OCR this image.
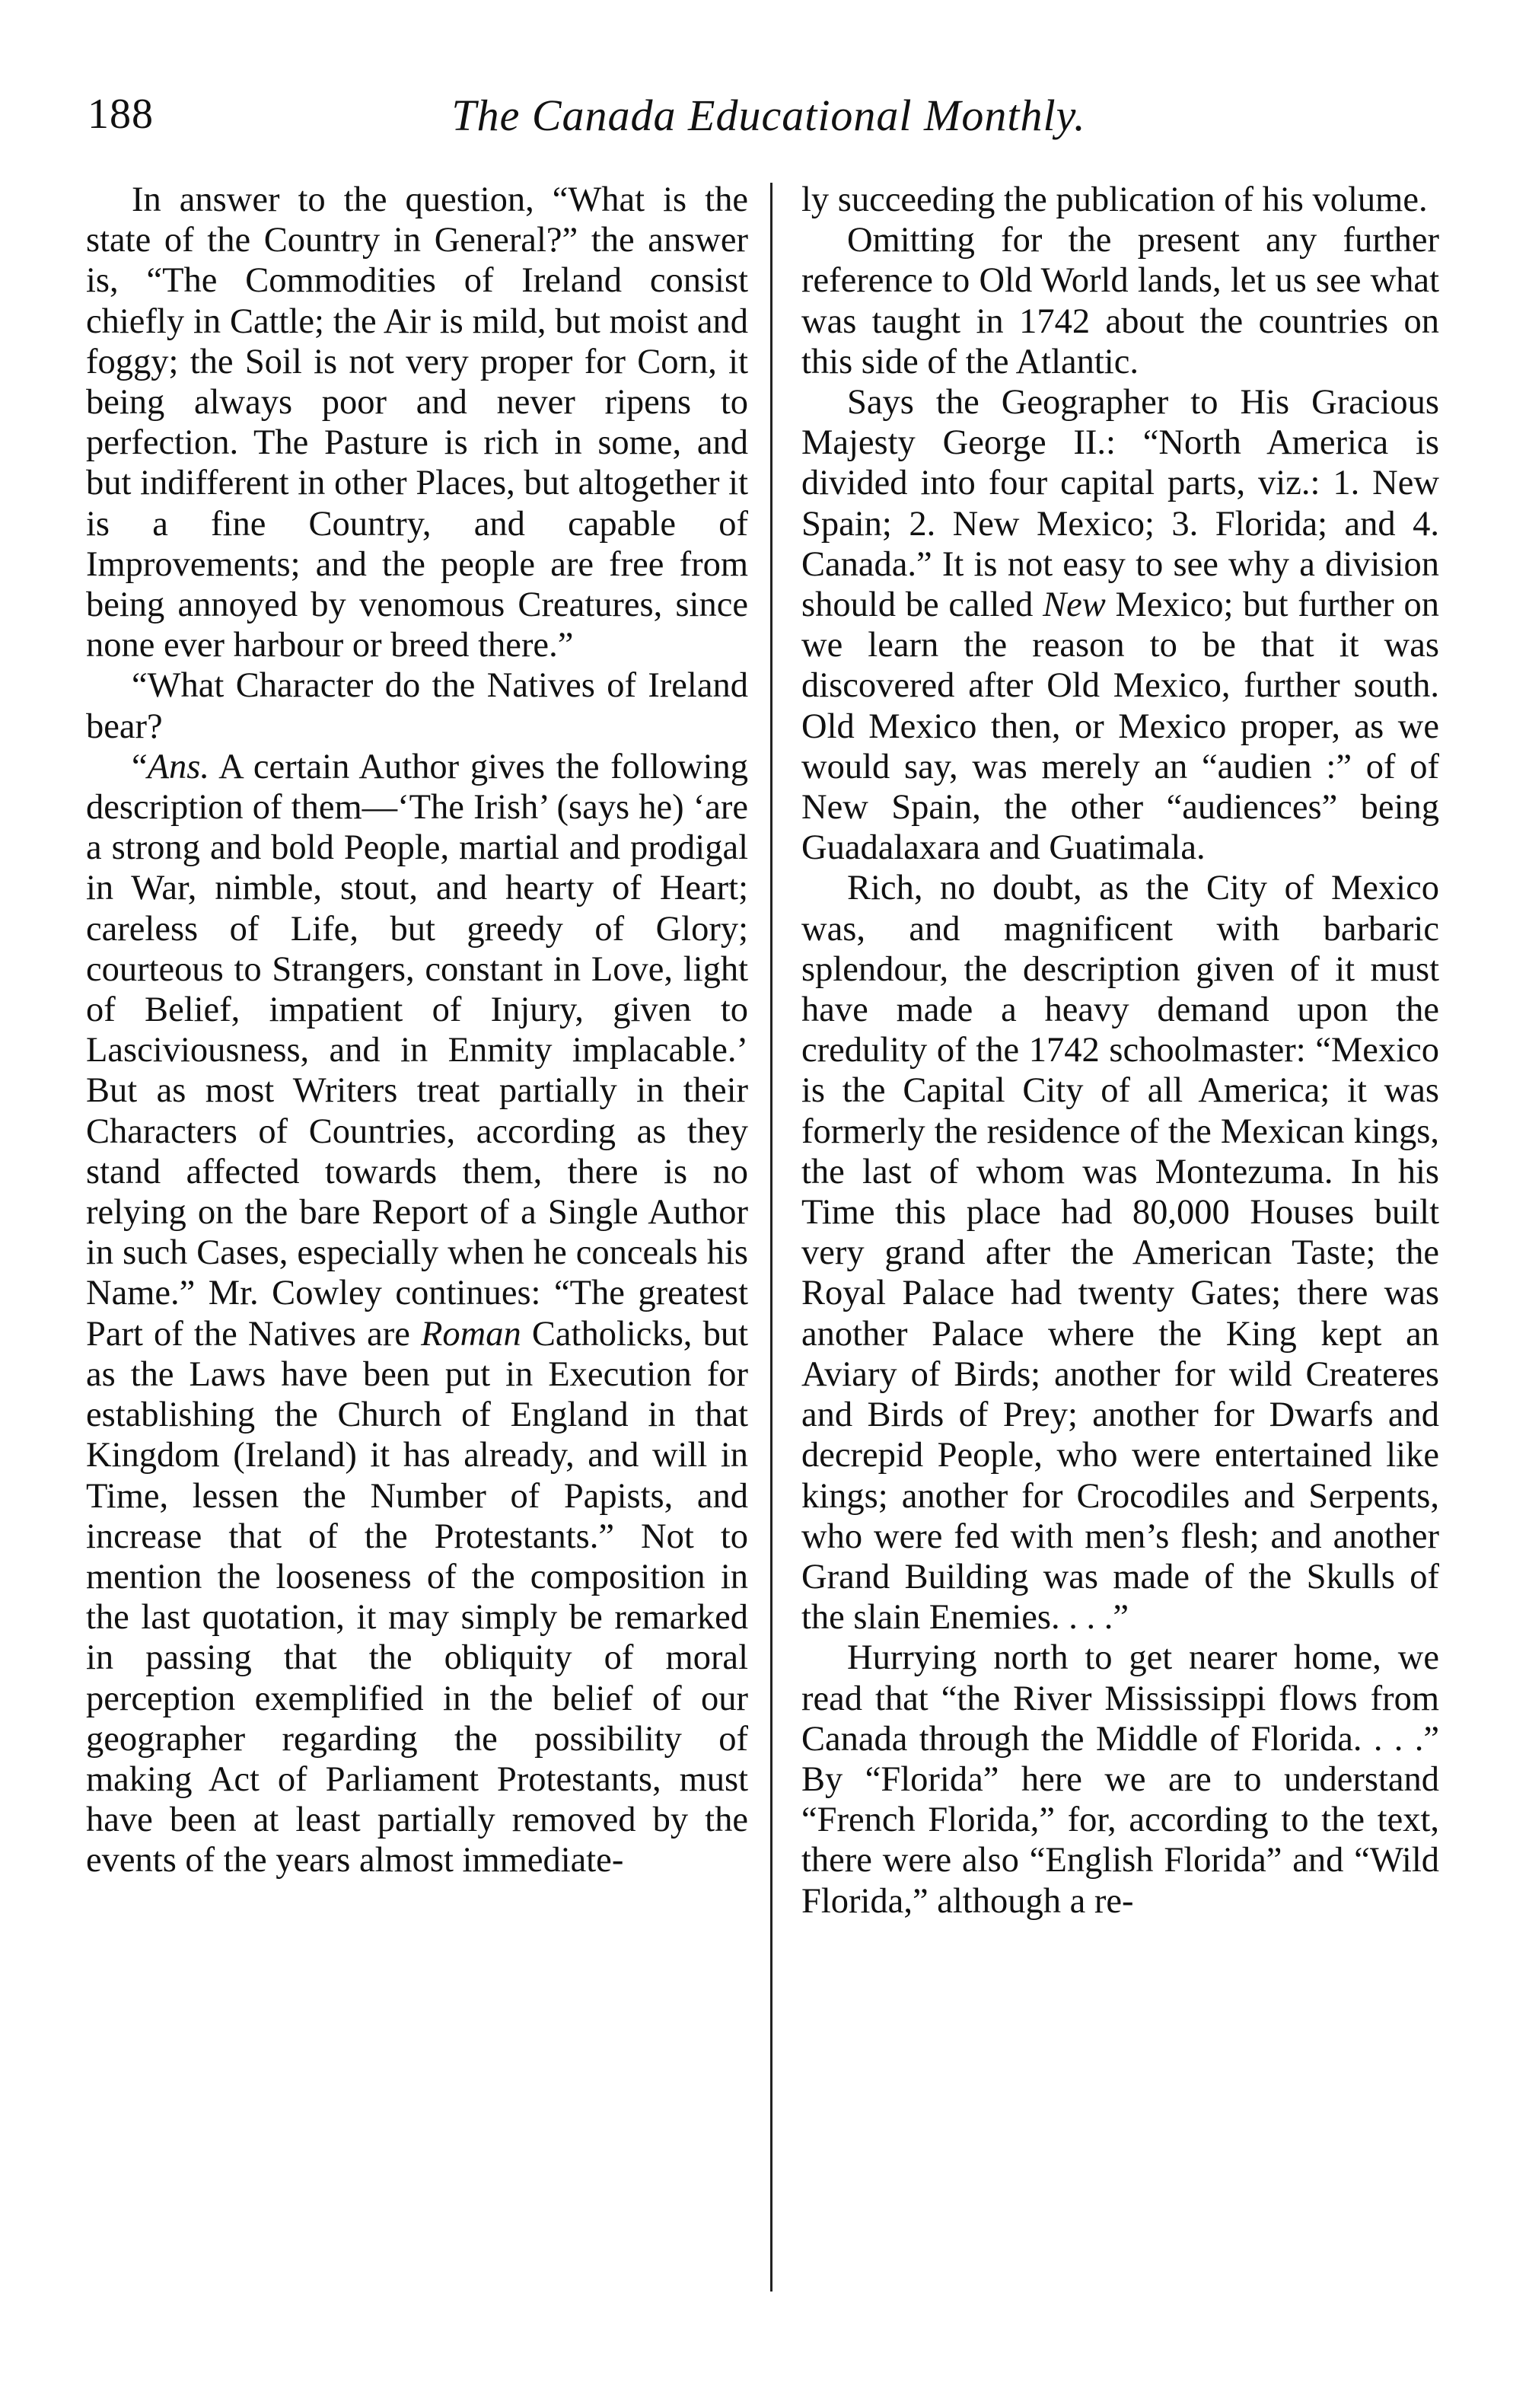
188	The Canada Educational Monthly.

In answer to the question, “What is the state of the Country in General?” the answer is, “The Commodities of Ireland consist chiefly in Cattle; the Air is mild, but moist and foggy; the Soil is not very proper for Corn, it being always poor and never ripens to perfection. The Pasture is rich in some, and but indifferent in other Places, but altogether it is a fine Country, and capable of Improvements; and the people are free from being annoyed by venomous Creatures, since none ever harbour or breed there.”

“What Character do the Natives of Ireland bear?

“Ans. A certain Author gives the following description of them—‘The Irish’ (says he) ‘are a strong and bold People, martial and prodigal in War, nimble, stout, and hearty of Heart; careless of Life, but greedy of Glory; courteous to Strangers, constant in Love, light of Belief, impatient of Injury, given to Lasciviousness, and in Enmity implacable.’ But as most Writers treat partially in their Characters of Countries, according as they stand affected towards them, there is no relying on the bare Report of a Single Author in such Cases, especially when he conceals his Name.” Mr. Cowley continues: “The greatest Part of the Natives are Roman Catholicks, but as the Laws have been put in Execution for establishing the Church of England in that Kingdom (Ireland) it has already, and will in Time, lessen the Number of Papists, and increase that of the Protestants.” Not to mention the looseness of the composition in the last quotation, it may simply be remarked in passing that the obliquity of moral perception exemplified in the belief of our geographer regarding the possibility of making Act of Parliament Protestants, must have been at least partially removed by the events of the years almost immediate-

ly succeeding the publication of his volume.

Omitting for the present any further reference to Old World lands, let us see what was taught in 1742 about the countries on this side of the Atlantic.

Says the Geographer to His Gracious Majesty George II.: “North America is divided into four capital parts, viz.: 1. New Spain; 2. New Mexico; 3. Florida; and 4. Canada.” It is not easy to see why a division should be called New Mexico; but further on we learn the reason to be that it was discovered after Old Mexico, further south. Old Mexico then, or Mexico proper, as we would say, was merely an “audien :” of of New Spain, the other “audiences” being Guadalaxara and Guatimala.

Rich, no doubt, as the City of Mexico was, and magnificent with barbaric splendour, the description given of it must have made a heavy demand upon the credulity of the 1742 schoolmaster: “Mexico is the Capital City of all America; it was formerly the residence of the Mexican kings, the last of whom was Montezuma. In his Time this place had 80,000 Houses built very grand after the American Taste; the Royal Palace had twenty Gates; there was another Palace where the King kept an Aviary of Birds; another for wild Createres and Birds of Prey; another for Dwarfs and decrepid People, who were entertained like kings; another for Crocodiles and Serpents, who were fed with men’s flesh; and another Grand Building was made of the Skulls of the slain Enemies. . . .”

Hurrying north to get nearer home, we read that “the River Mississippi flows from Canada through the Middle of Florida. . . .” By “Florida” here we are to understand “French Florida,” for, according to the text, there were also “English Florida” and “Wild Florida,” although a re-
